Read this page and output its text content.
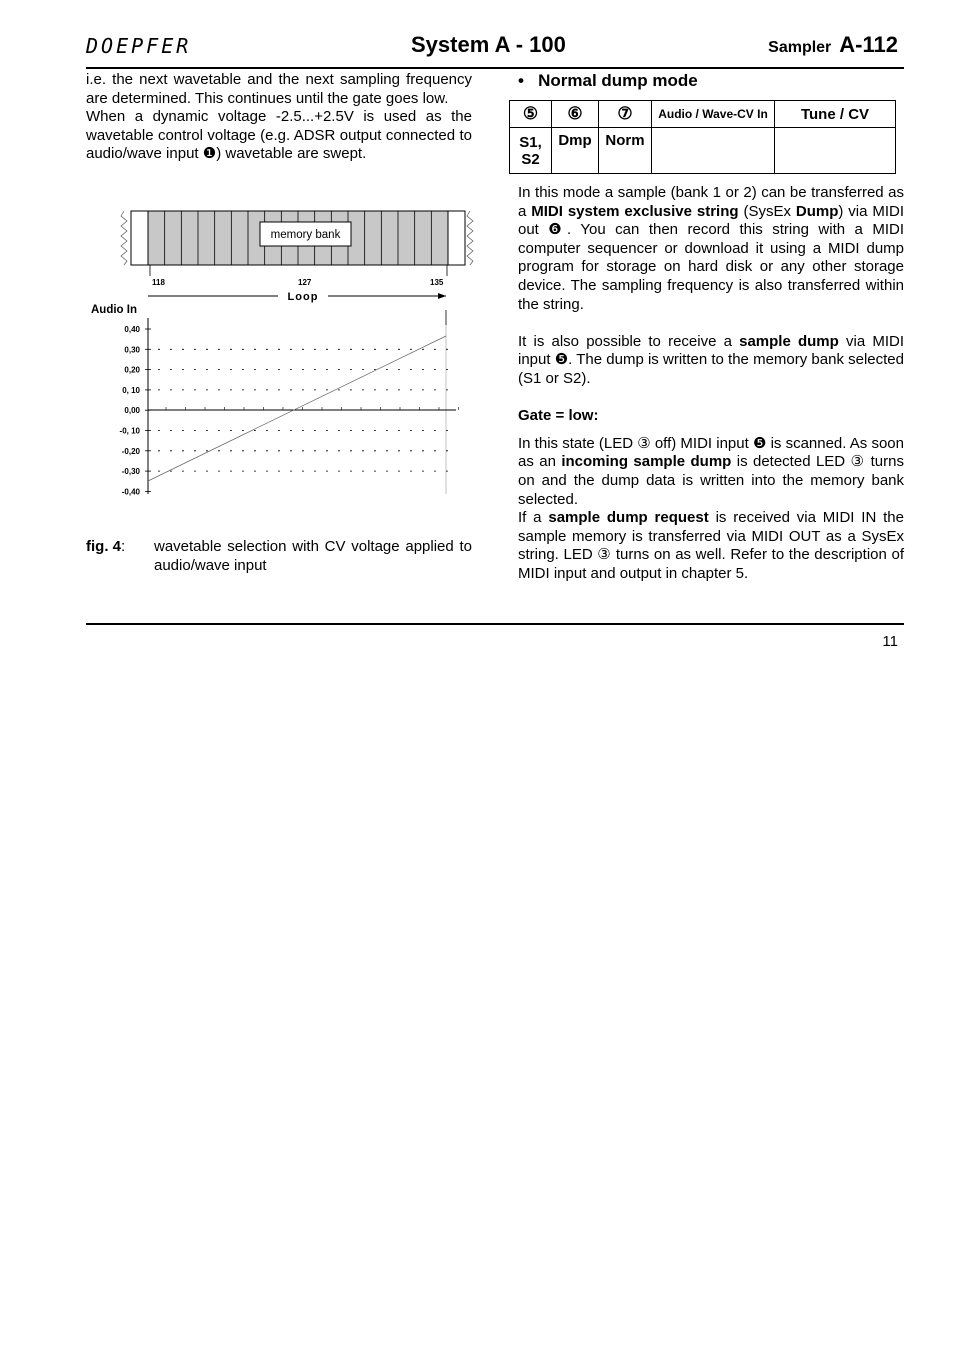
DOEPFER	System A - 100	Sampler A-112

i.e. the next wavetable and the next sampling frequency are determined. This continues until the gate goes low.

When a dynamic voltage -2.5...+2.5V is used as the wavetable control voltage (e.g. ADSR output connected to audio/wave input ❶) wavetable are swept.

memory bank
118	127	135
Loop
Audio In
0,40
0,30
0,20
0, 10
0,00
-0, 10
-0,20
-0,30
-0,40
fig. 4: wavetable selection with CV voltage applied to audio/wave input
•   Normal dump mode
⑤	⑥	⑦	Audio / Wave-CV In	Tune / CV
S1, S2	Dmp	Norm		

In this mode a sample (bank 1 or 2) can be transferred as a MIDI system exclusive string (SysEx Dump) via MIDI out ❻. You can then record this string with a MIDI computer sequencer or download it using a MIDI dump program for storage on hard disk or any other storage device. The sampling frequency is also transferred within the string.

It is also possible to receive a sample dump via MIDI input ❺. The dump is written to the memory bank selected (S1 or S2).

Gate = low:

In this state (LED ③ off) MIDI input ❺ is scanned. As soon as an incoming sample dump is detected LED ③ turns on and the dump data is written into the memory bank selected.

If a sample dump request is received via MIDI IN the sample memory is transferred via MIDI OUT as a SysEx string. LED ③ turns on as well. Refer to the description of MIDI input and output in chapter 5.

11
